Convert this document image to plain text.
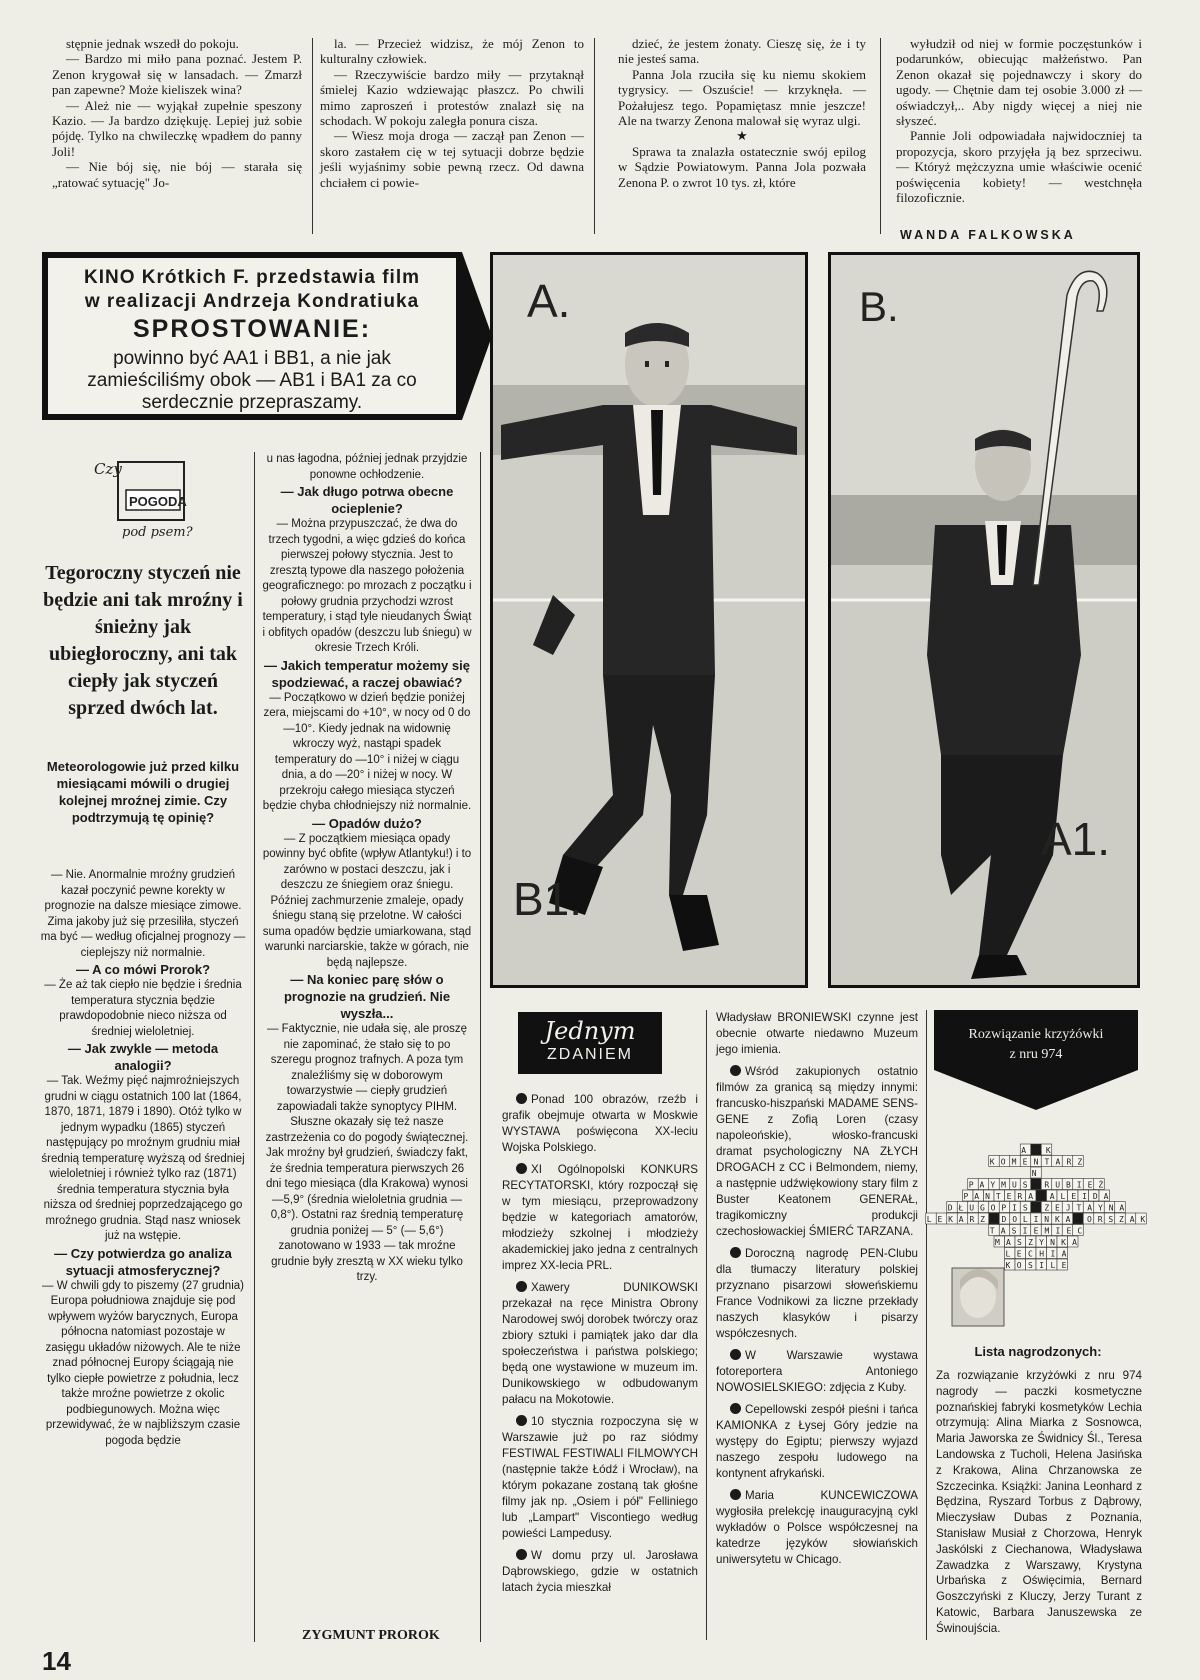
stępnie jednak wszedł do pokoju.

— Bardzo mi miło pana poznać. Jestem P. Zenon krygował się w lansadach. — Zmarzł pan zapewne? Może kieliszek wina?

— Ależ nie — wyjąkał zupełnie speszony Kazio. — Ja bardzo dziękuję. Lepiej już sobie pójdę. Tylko na chwileczkę wpadłem do panny Joli!

— Nie bój się, nie bój — starała się „ratować sytuację" Jo-

la. — Przecież widzisz, że mój Zenon to kulturalny człowiek.

— Rzeczywiście bardzo miły — przytaknął śmielej Kazio wdziewając płaszcz. Po chwili mimo zaproszeń i protestów znalazł się na schodach. W pokoju zaległa ponura cisza.

— Wiesz moja droga — zaczął pan Zenon — skoro zastałem cię w tej sytuacji dobrze będzie jeśli wyjaśnimy sobie pewną rzecz. Od dawna chciałem ci powie-

dzieć, że jestem żonaty. Cieszę się, że i ty nie jesteś sama.

Panna Jola rzuciła się ku niemu skokiem tygrysicy. — Oszuście! — krzyknęła. — Pożałujesz tego. Popamiętasz mnie jeszcze! Ale na twarzy Zenona malował się wyraz ulgi.

★

Sprawa ta znalazła ostatecznie swój epilog w Sądzie Powiatowym. Panna Jola pozwała Zenona P. o zwrot 10 tys. zł, które

wyłudził od niej w formie poczęstunków i podarunków, obiecując małżeństwo. Pan Zenon okazał się pojednawczy i skory do ugody. — Chętnie dam tej osobie 3.000 zł — oświadczył,.. Aby nigdy więcej a niej nie słyszeć.

Pannie Joli odpowiadała najwidoczniej ta propozycja, skoro przyjęła ją bez sprzeciwu. — Któryż mężczyzna umie właściwie ocenić poświęcenia kobiety! — westchnęła filozoficznie.

WANDA FALKOWSKA
KINO Krótkich F. przedstawia film
w realizacji Andrzeja Kondratiuka
SPROSTOWANIE:
powinno być AA1 i BB1, a nie jak zamieściliśmy obok — AB1 i BA1 za co serdecznie przepraszamy.
A.
B1.
B.
A1.
Czy
POGODA
pod psem?
Tegoroczny styczeń nie będzie ani tak mroźny i śnieżny jak ubiegłoroczny, ani tak ciepły jak styczeń sprzed dwóch lat.
Meteorologowie już przed kilku miesiącami mówili o drugiej kolejnej mroźnej zimie. Czy podtrzymują tę opinię?

— Nie. Anormalnie mroźny grudzień kazał poczynić pewne korekty w prognozie na dalsze miesiące zimowe. Zima jakoby już się przesiliła, styczeń ma być — według oficjalnej prognozy — cieplejszy niż normalnie.

— A co mówi Prorok?

— Że aż tak ciepło nie będzie i średnia temperatura stycznia będzie prawdopodobnie nieco niższa od średniej wieloletniej.

— Jak zwykle — metoda analogii?

— Tak. Weźmy pięć najmroźniejszych grudni w ciągu ostatnich 100 lat (1864, 1870, 1871, 1879 i 1890). Otóż tylko w jednym wypadku (1865) styczeń następujący po mroźnym grudniu miał średnią temperaturę wyższą od średniej wieloletniej i również tylko raz (1871) średnia temperatura stycznia była niższa od średniej poprzedzającego go mroźnego grudnia. Stąd nasz wniosek już na wstępie.

— Czy potwierdza go analiza sytuacji atmosferycznej?

— W chwili gdy to piszemy (27 grudnia) Europa południowa znajduje się pod wpływem wyżów barycznych, Europa północna natomiast pozostaje w zasięgu układów niżowych. Ale te niże znad północnej Europy ściągają nie tylko ciepłe powietrze z południa, lecz także mroźne powietrze z okolic podbiegunowych. Można więc przewidywać, że w najbliższym czasie pogoda będzie

u nas łagodna, później jednak przyjdzie ponowne ochłodzenie.

— Jak długo potrwa obecne ocieplenie?

— Można przypuszczać, że dwa do trzech tygodni, a więc gdzieś do końca pierwszej połowy stycznia. Jest to zresztą typowe dla naszego położenia geograficznego: po mrozach z początku i połowy grudnia przychodzi wzrost temperatury, i stąd tyle nieudanych Świąt i obfitych opadów (deszczu lub śniegu) w okresie Trzech Króli.

— Jakich temperatur możemy się spodziewać, a raczej obawiać?

— Początkowo w dzień będzie poniżej zera, miejscami do +10°, w nocy od 0 do —10°. Kiedy jednak na widownię wkroczy wyż, nastąpi spadek temperatury do —10° i niżej w ciągu dnia, a do —20° i niżej w nocy. W przekroju całego miesiąca styczeń będzie chyba chłodniejszy niż normalnie.

— Opadów dużo?

— Z początkiem miesiąca opady powinny być obfite (wpływ Atlantyku!) i to zarówno w postaci deszczu, jak i deszczu ze śniegiem oraz śniegu. Później zachmurzenie zmaleje, opady śniegu staną się przelotne. W całości suma opadów będzie umiarkowana, stąd warunki narciarskie, także w górach, nie będą najlepsze.

— Na koniec parę słów o prognozie na grudzień. Nie wyszła...

— Faktycznie, nie udała się, ale proszę nie zapominać, że stało się to po szeregu prognoz trafnych. A poza tym znaleźliśmy się w doborowym towarzystwie — ciepły grudzień zapowiadali także synoptycy PIHM. Słuszne okazały się też nasze zastrzeżenia co do pogody świątecznej.

Jak mroźny był grudzień, świadczy fakt, że średnia temperatura pierwszych 26 dni tego miesiąca (dla Krakowa) wynosi —5,9° (średnia wieloletnia grudnia — 0,8°). Ostatni raz średnią temperaturę grudnia poniżej — 5° (— 5,6°) zanotowano w 1933 — tak mroźne grudnie były zresztą w XX wieku tylko trzy.

ZYGMUNT PROROK
Jednym
ZDANIEM

Ponad 100 obrazów, rzeźb i grafik obejmuje otwarta w Moskwie WYSTAWA poświęcona XX-leciu Wojska Polskiego.

XI Ogólnopolski KONKURS RECYTATORSKI, który rozpoczął się w tym miesiącu, przeprowadzony będzie w kategoriach amatorów, młodzieży szkolnej i młodzieży akademickiej jako jedna z centralnych imprez XX-lecia PRL.

Xawery DUNIKOWSKI przekazał na ręce Ministra Obrony Narodowej swój dorobek twórczy oraz zbiory sztuki i pamiątek jako dar dla społeczeństwa i państwa polskiego; będą one wystawione w muzeum im. Dunikowskiego w odbudowanym pałacu na Mokotowie.

10 stycznia rozpoczyna się w Warszawie już po raz siódmy FESTIWAL FESTIWALI FILMOWYCH (następnie także Łódź i Wrocław), na którym pokazane zostaną tak głośne filmy jak np. „Osiem i pół" Felliniego lub „Lampart" Viscontiego według powieści Lampedusy.

W domu przy ul. Jarosława Dąbrowskiego, gdzie w ostatnich latach życia mieszkał

Władysław BRONIEWSKI czynne jest obecnie otwarte niedawno Muzeum jego imienia.

Wśród zakupionych ostatnio filmów za granicą są między innymi: francusko-hiszpański MADAME SENS-GENE z Zofią Loren (czasy napoleońskie), włosko-francuski dramat psychologiczny NA ZŁYCH DROGACH z CC i Belmondem, niemy, a następnie udźwiękowiony stary film z Buster Keatonem GENERAŁ, tragikomiczny produkcji czechosłowackiej ŚMIERĆ TARZANA.

Doroczną nagrodę PEN-Clubu dla tłumaczy literatury polskiej przyznano pisarzowi słoweńskiemu France Vodnikowi za liczne przekłady naszych klasyków i pisarzy współczesnych.

W Warszawie wystawa fotoreportera Antoniego NOWOSIELSKIEGO: zdjęcia z Kuby.

Cepellowski zespół pieśni i tańca KAMIONKA z Łysej Góry jedzie na występy do Egiptu; pierwszy wyjazd naszego zespołu ludowego na kontynent afrykański.

Maria KUNCEWICZOWA wygłosiła prelekcję inauguracyjną cykl wykładów o Polsce współczesnej na katedrze języków słowiańskich uniwersytetu w Chicago.

Rozwiązanie krzyżówki
z nru 974
A K
KOMENTARZ
N
PAYMUS RUBIEŻ
PANTERA ALEIDA
DŁUGOPIS ZEJTAYNA
LEKARZ DOLINKA ORSZAK
TASIEMIEC
MASZYNKA
LECHIA
KOSILE
Lista nagrodzonych:
Za rozwiązanie krzyżówki z nru 974 nagrody — paczki kosmetyczne poznańskiej fabryki kosmetyków Lechia otrzymują: Alina Miarka z Sosnowca, Maria Jaworska ze Świdnicy Śl., Teresa Landowska z Tucholi, Helena Jasińska z Krakowa, Alina Chrzanowska ze Szczecinka. Książki: Janina Leonhard z Będzina, Ryszard Torbus z Dąbrowy, Mieczysław Dubas z Poznania, Stanisław Musiał z Chorzowa, Henryk Jaskólski z Ciechanowa, Władysława Zawadzka z Warszawy, Krystyna Urbańska z Oświęcimia, Bernard Goszczyński z Kluczy, Jerzy Turant z Katowic, Barbara Januszewska ze Świnoujścia.
14
